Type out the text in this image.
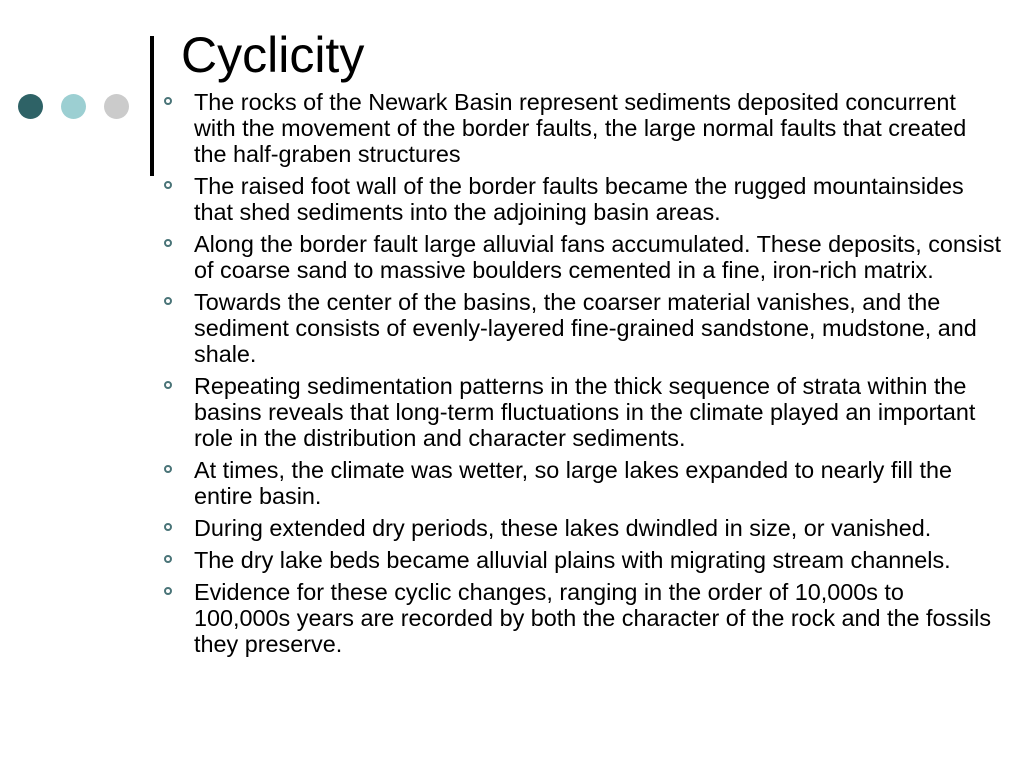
Cyclicity
The rocks of the Newark Basin represent sediments deposited concurrent with the movement of the border faults, the large normal faults that created the half-graben structures
The raised foot wall of the border faults became the rugged mountainsides that shed sediments into the adjoining basin areas.
Along the border fault large alluvial fans accumulated. These deposits, consist of coarse sand to massive boulders cemented in a fine, iron-rich matrix.
Towards the center of the basins, the coarser material vanishes, and the sediment consists of evenly-layered fine-grained sandstone, mudstone, and shale.
Repeating sedimentation patterns in the thick sequence of strata within the basins reveals that long-term fluctuations in the climate played an important role in the distribution and character sediments.
At times, the climate was wetter, so large lakes expanded to nearly fill the entire basin.
During extended dry periods, these lakes dwindled in size, or vanished.
The dry lake beds became alluvial plains with migrating stream channels.
Evidence for these cyclic changes, ranging in the order of 10,000s to 100,000s years are recorded by both the character of the rock and the fossils they preserve.
